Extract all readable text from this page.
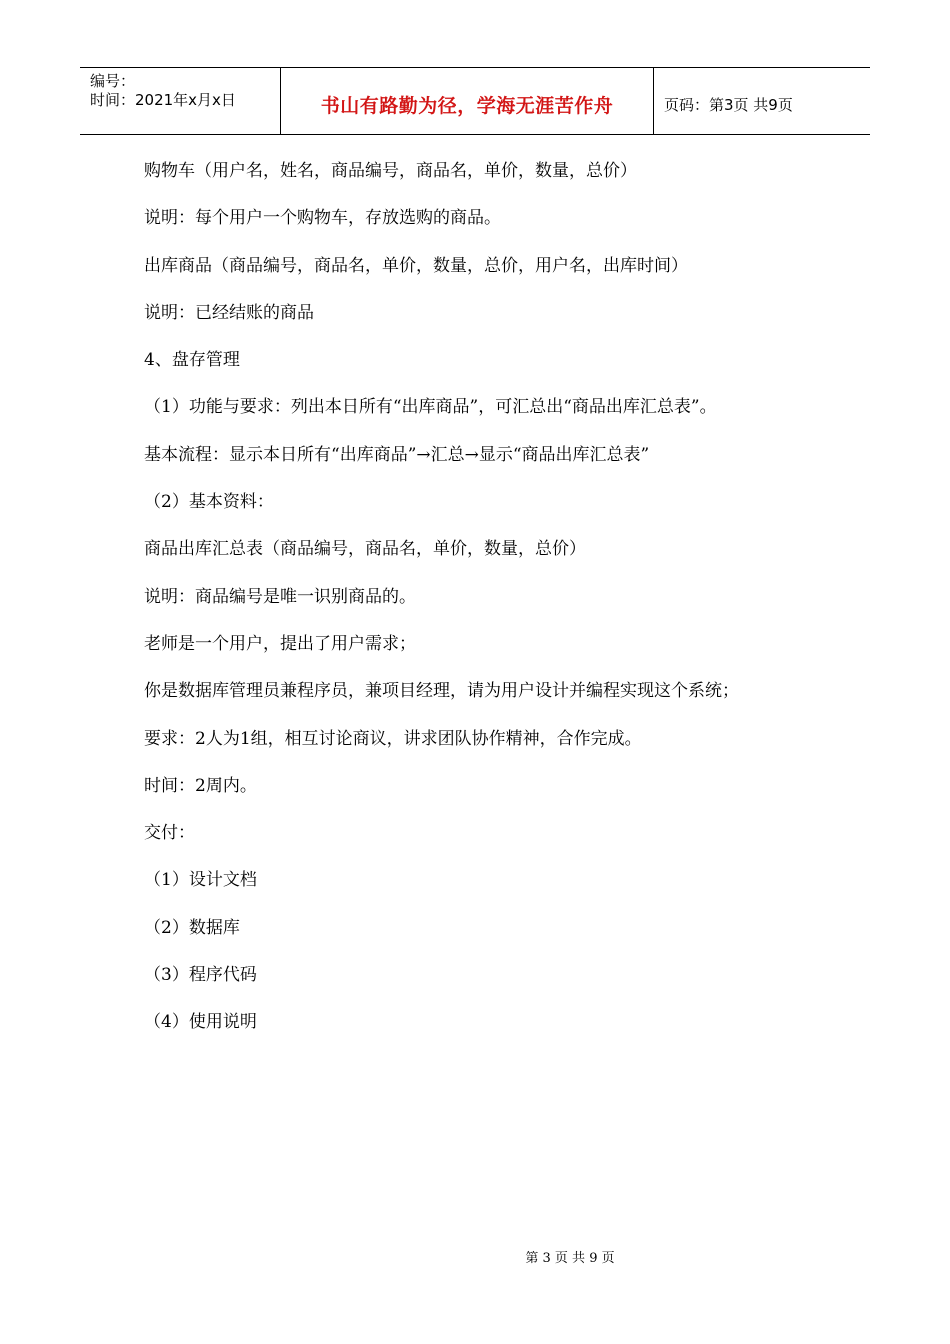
编号：
时间：2021年x月x日	书山有路勤为径，学海无涯苦作舟	页码：第3页 共9页
购物车（用户名，姓名，商品编号，商品名，单价，数量，总价）
说明：每个用户一个购物车，存放选购的商品。
出库商品（商品编号，商品名，单价，数量，总价，用户名，出库时间）
说明：已经结账的商品
4、盘存管理
（1）功能与要求：列出本日所有“出库商品”，可汇总出“商品出库汇总表”。
基本流程：显示本日所有“出库商品”→汇总→显示“商品出库汇总表”
（2）基本资料：
商品出库汇总表（商品编号，商品名，单价，数量，总价）
说明：商品编号是唯一识别商品的。
老师是一个用户，提出了用户需求；
你是数据库管理员兼程序员，兼项目经理，请为用户设计并编程实现这个系统；
要求：2人为1组，相互讨论商议，讲求团队协作精神，合作完成。
时间：2周内。
交付：
（1）设计文档
（2）数据库
（3）程序代码
（4）使用说明
第 3 页 共 9 页
